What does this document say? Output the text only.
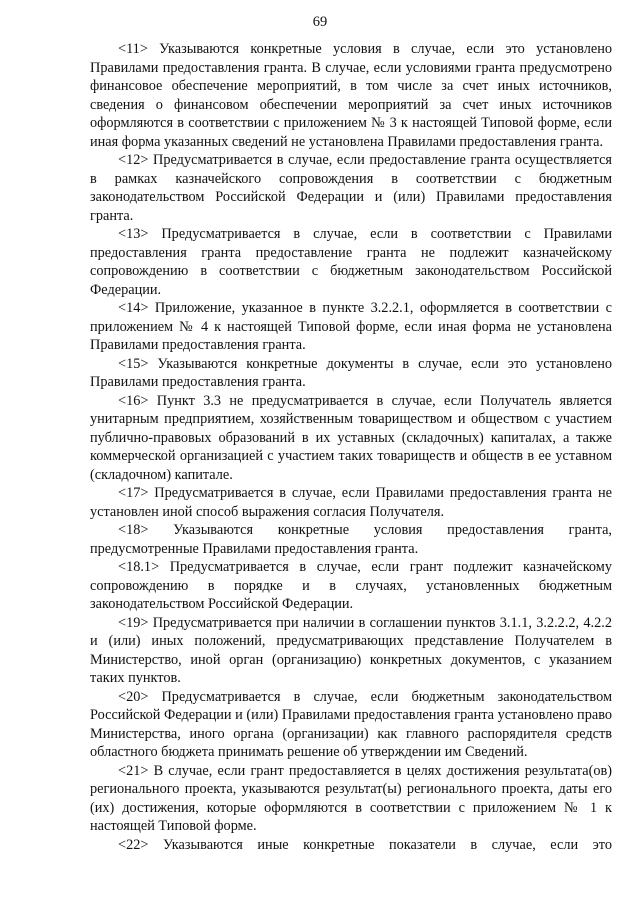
69

<11> Указываются конкретные условия в случае, если это установлено Правилами предоставления гранта. В случае, если условиями гранта предусмотрено финансовое обеспечение мероприятий, в том числе за счет иных источников, сведения о финансовом обеспечении мероприятий за счет иных источников оформляются в соответствии с приложением № 3 к настоящей Типовой форме, если иная форма указанных сведений не установлена Правилами предоставления гранта.

<12> Предусматривается в случае, если предоставление гранта осуществляется в рамках казначейского сопровождения в соответствии с бюджетным законодательством Российской Федерации и (или) Правилами предоставления гранта.

<13> Предусматривается в случае, если в соответствии с Правилами предоставления гранта предоставление гранта не подлежит казначейскому сопровождению в соответствии с бюджетным законодательством Российской Федерации.

<14> Приложение, указанное в пункте 3.2.2.1, оформляется в соответствии с приложением № 4 к настоящей Типовой форме, если иная форма не установлена Правилами предоставления гранта.

<15> Указываются конкретные документы в случае, если это установлено Правилами предоставления гранта.

<16> Пункт 3.3 не предусматривается в случае, если Получатель является унитарным предприятием, хозяйственным товариществом и обществом с участием публично-правовых образований в их уставных (складочных) капиталах, а также коммерческой организацией с участием таких товариществ и обществ в ее уставном (складочном) капитале.

<17> Предусматривается в случае, если Правилами предоставления гранта не установлен иной способ выражения согласия Получателя.

<18> Указываются конкретные условия предоставления гранта, предусмотренные Правилами предоставления гранта.

<18.1> Предусматривается в случае, если грант подлежит казначейскому сопровождению в порядке и в случаях, установленных бюджетным законодательством Российской Федерации.

<19> Предусматривается при наличии в соглашении пунктов 3.1.1, 3.2.2.2, 4.2.2 и (или) иных положений, предусматривающих представление Получателем в Министерство, иной орган (организацию) конкретных документов, с указанием таких пунктов.

<20> Предусматривается в случае, если бюджетным законодательством Российской Федерации и (или) Правилами предоставления гранта установлено право Министерства, иного органа (организации) как главного распорядителя средств областного бюджета принимать решение об утверждении им Сведений.

<21> В случае, если грант предоставляется в целях достижения результата(ов) регионального проекта, указываются результат(ы) регионального проекта, даты его (их) достижения, которые оформляются в соответствии с приложением № 1 к настоящей Типовой форме.

<22> Указываются иные конкретные показатели в случае, если это
